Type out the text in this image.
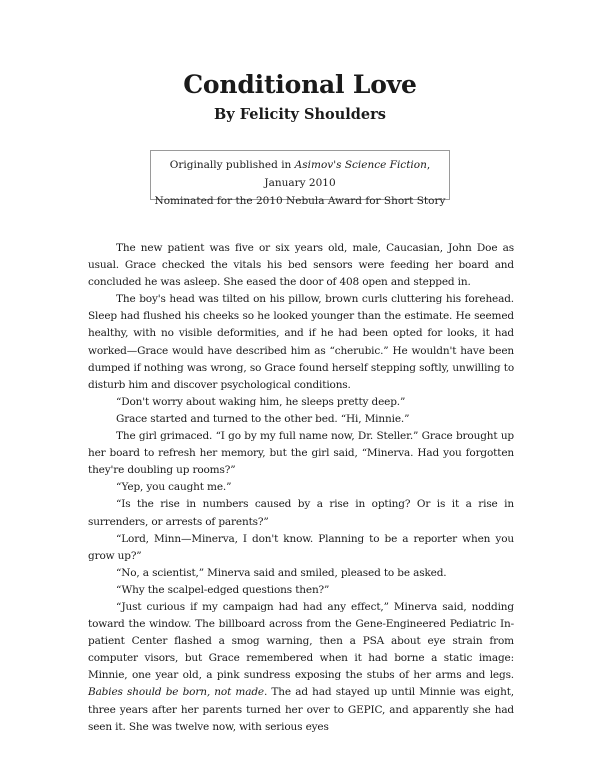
Conditional Love
By Felicity Shoulders
Originally published in Asimov's Science Fiction, January 2010
Nominated for the 2010 Nebula Award for Short Story

The new patient was five or six years old, male, Caucasian, John Doe as usual. Grace checked the vitals his bed sensors were feeding her board and concluded he was asleep. She eased the door of 408 open and stepped in.

The boy's head was tilted on his pillow, brown curls cluttering his forehead. Sleep had flushed his cheeks so he looked younger than the estimate. He seemed healthy, with no visible deformities, and if he had been opted for looks, it had worked—Grace would have described him as “cherubic.” He wouldn't have been dumped if nothing was wrong, so Grace found herself stepping softly, unwilling to disturb him and discover psychological conditions.

“Don't worry about waking him, he sleeps pretty deep.”

Grace started and turned to the other bed. “Hi, Minnie.”

The girl grimaced. “I go by my full name now, Dr. Steller.” Grace brought up her board to refresh her memory, but the girl said, “Minerva. Had you forgotten they're doubling up rooms?”

“Yep, you caught me.”

“Is the rise in numbers caused by a rise in opting? Or is it a rise in surrenders, or arrests of parents?”

“Lord, Minn—Minerva, I don't know. Planning to be a reporter when you grow up?”

“No, a scientist,” Minerva said and smiled, pleased to be asked.

“Why the scalpel-edged questions then?”

“Just curious if my campaign had had any effect,” Minerva said, nodding toward the window. The billboard across from the Gene-Engineered Pediatric In-patient Center flashed a smog warning, then a PSA about eye strain from computer visors, but Grace remembered when it had borne a static image: Minnie, one year old, a pink sundress exposing the stubs of her arms and legs. Babies should be born, not made. The ad had stayed up until Minnie was eight, three years after her parents turned her over to GEPIC, and apparently she had seen it. She was twelve now, with serious eyes
